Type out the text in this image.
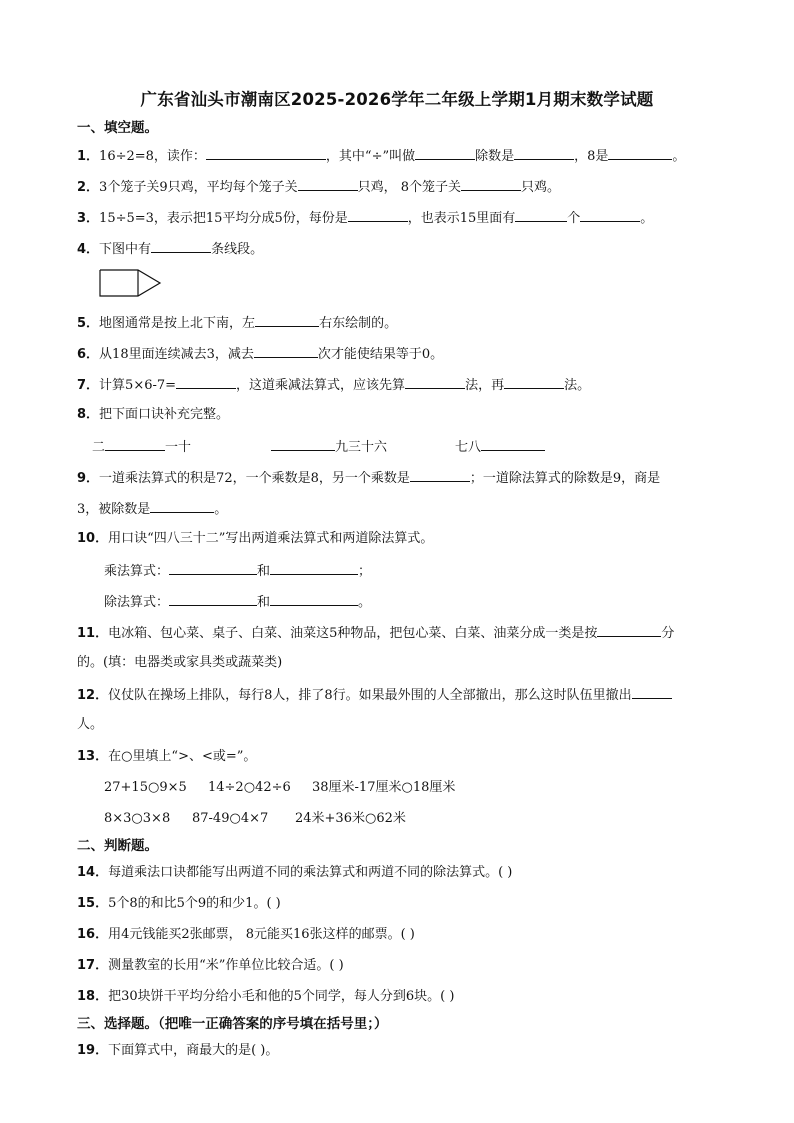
广东省汕头市潮南区2025-2026学年二年级上学期1月期末数学试题
一、填空题。
1．16÷2=8，读作：	，其中“÷”叫做	除数是	，8是	。
2．3个笼子关9只鸡，平均每个笼子关	只鸡， 8个笼子关	只鸡。
3．15÷5=3，表示把15平均分成5份，每份是	，也表示15里面有	个	。
4．下图中有	条线段。
5．地图通常是按上北下南，左	右东绘制的。
6．从18里面连续减去3，减去	次才能使结果等于0。
7．计算5×6-7=	，这道乘减法算式，应该先算	法，再	法。
8．把下面口诀补充完整。
二	一十	九三十六	七八
9．一道乘法算式的积是72，一个乘数是8，另一个乘数是	；一道除法算式的除数是9，商是
3，被除数是	。
10．用口诀“四八三十二”写出两道乘法算式和两道除法算式。
乘法算式：	和	；
除法算式：	和	。
11．电冰箱、包心菜、桌子、白菜、油菜这5种物品，把包心菜、白菜、油菜分成一类是按	分
的。(填：电器类或家具类或蔬菜类)
12．仪仗队在操场上排队，每行8人，排了8行。如果最外围的人全部撤出，那么这时队伍里撤出
人。
13．在○里填上“>、<或=”。
27+15○9×5 14÷2○42÷6 38厘米-17厘米○18厘米
8×3○3×8 87-49○4×7 24米+36米○62米
二、判断题。
14．每道乘法口诀都能写出两道不同的乘法算式和两道不同的除法算式。( )
15．5个8的和比5个9的和少1。( )
16．用4元钱能买2张邮票， 8元能买16张这样的邮票。( )
17．测量教室的长用“米”作单位比较合适。( )
18．把30块饼干平均分给小毛和他的5个同学，每人分到6块。( )
三、选择题。（把唯一正确答案的序号填在括号里；）
19．下面算式中，商最大的是( )。
